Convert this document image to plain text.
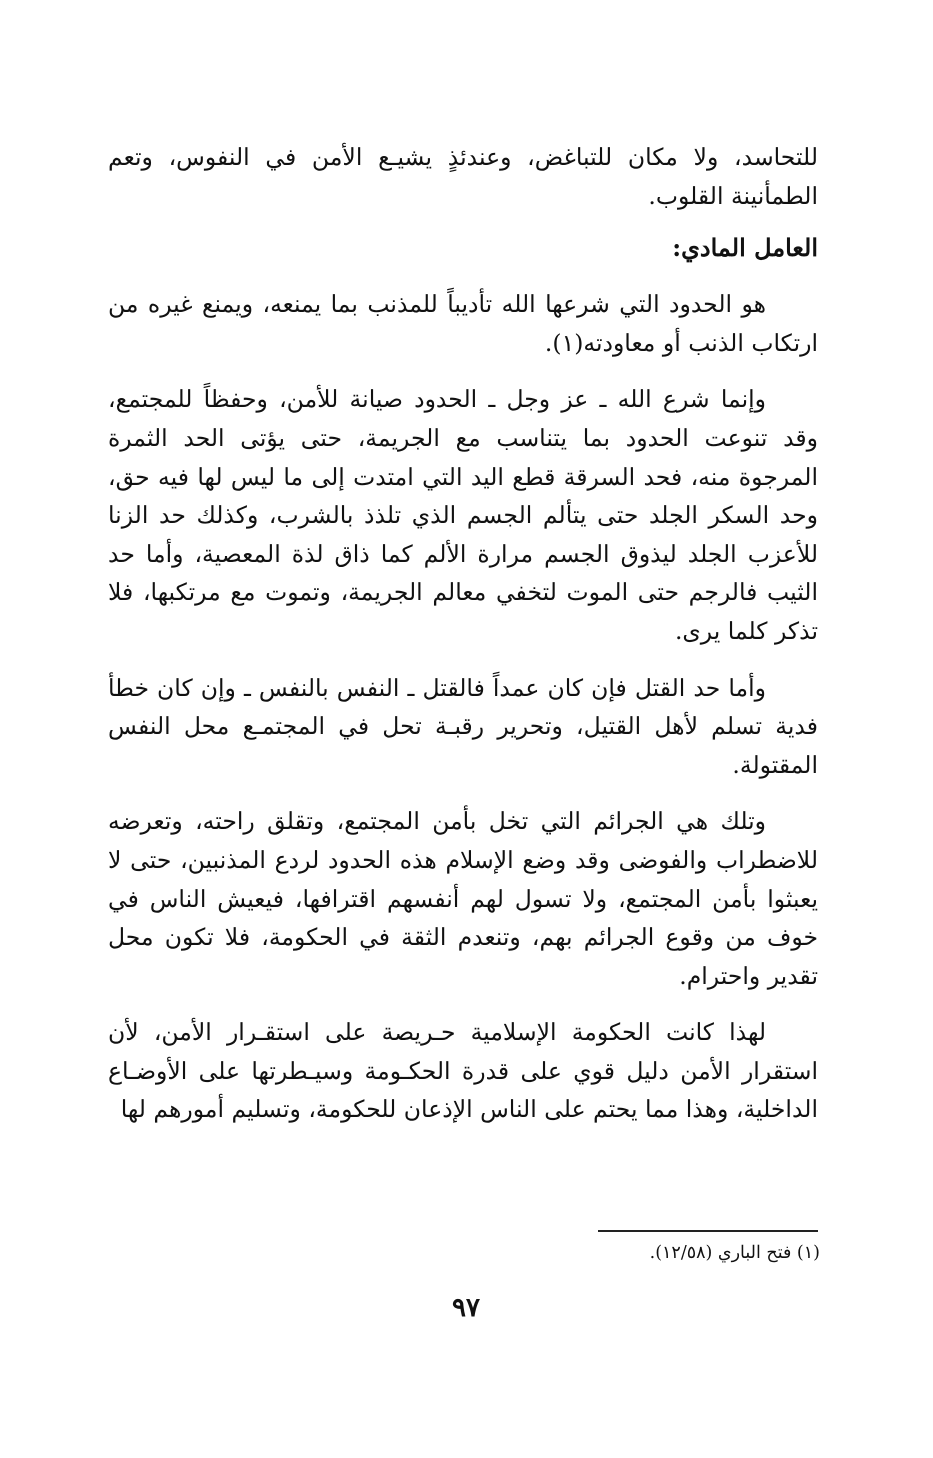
للتحاسد، ولا مكان للتباغض، وعندئذٍ يشيـع الأمن في النفوس، وتعم الطمأنينة القلوب.

العامل المادي:

هو الحدود التي شرعها الله تأديباً للمذنب بما يمنعه، ويمنع غيره من ارتكاب الذنب أو معاودته(١).

وإنما شرع الله ـ عز وجل ـ الحدود صيانة للأمن، وحفظاً للمجتمع، وقد تنوعت الحدود بما يتناسب مع الجريمة، حتى يؤتى الحد الثمرة المرجوة منه، فحد السرقة قطع اليد التي امتدت إلى ما ليس لها فيه حق، وحد السكر الجلد حتى يتألم الجسم الذي تلذذ بالشرب، وكذلك حد الزنا للأعزب الجلد ليذوق الجسم مرارة الألم كما ذاق لذة المعصية، وأما حد الثيب فالرجم حتى الموت لتخفي معالم الجريمة، وتموت مع مرتكبها، فلا تذكر كلما يرى.

وأما حد القتل فإن كان عمداً فالقتل ـ النفس بالنفس ـ وإن كان خطأ فدية تسلم لأهل القتيل، وتحرير رقبـة تحل في المجتمـع محل النفس المقتولة.

وتلك هي الجرائم التي تخل بأمن المجتمع، وتقلق راحته، وتعرضه للاضطراب والفوضى وقد وضع الإسلام هذه الحدود لردع المذنبين، حتى لا يعبثوا بأمن المجتمع، ولا تسول لهم أنفسهم اقترافها، فيعيش الناس في خوف من وقوع الجرائم بهم، وتنعدم الثقة في الحكومة، فلا تكون محل تقدير واحترام.

لهذا كانت الحكومة الإسلامية حـريصة على استقـرار الأمن، لأن استقرار الأمن دليل قوي على قدرة الحكـومة وسيـطرتها على الأوضـاع الداخلية، وهذا مما يحتم على الناس الإذعان للحكومة، وتسليم أمورهم لها

(١) فتح الباري (١٢/٥٨).
٩٧
